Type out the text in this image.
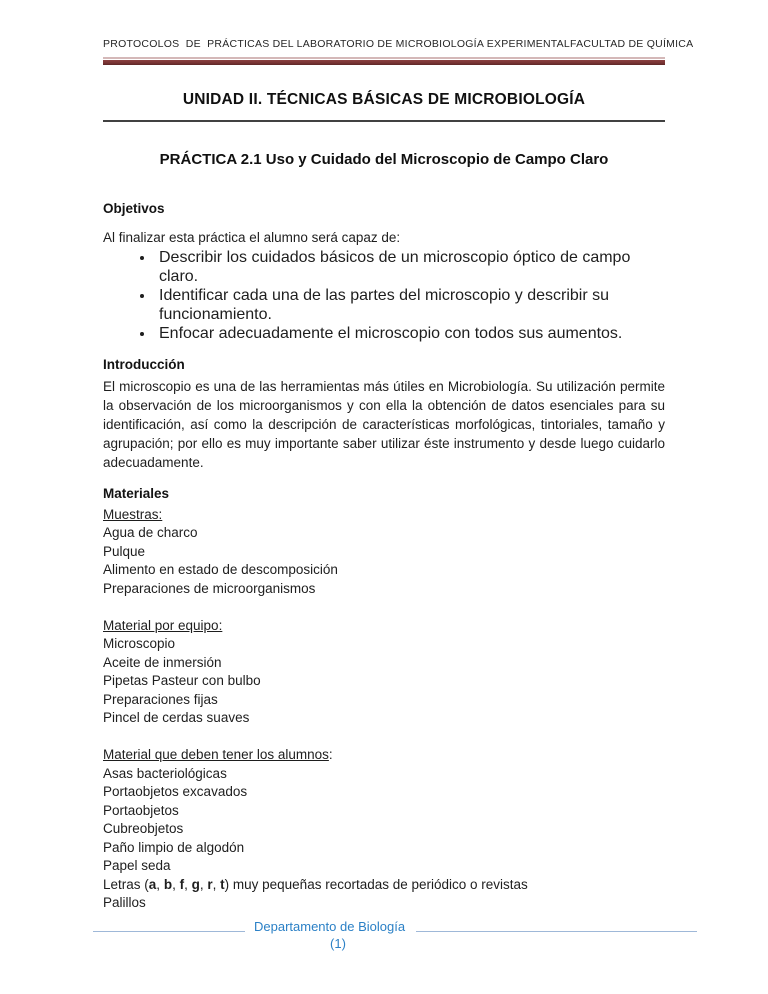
PROTOCOLOS  DE  PRÁCTICAS DEL LABORATORIO DE MICROBIOLOGÍA EXPERIMENTAL FACULTAD DE QUÍMICA
UNIDAD II. TÉCNICAS BÁSICAS DE MICROBIOLOGÍA
PRÁCTICA 2.1 Uso y Cuidado del Microscopio de Campo Claro
Objetivos

Al finalizar esta práctica el alumno será capaz de:

• Describir los cuidados básicos de un microscopio óptico de campo claro.
• Identificar cada una de las partes del microscopio y describir su funcionamiento.
• Enfocar adecuadamente el microscopio con todos sus aumentos.
Introducción

El microscopio es una de las herramientas más útiles en Microbiología. Su utilización permite la observación de los microorganismos y con ella la obtención de datos esenciales para su identificación, así como la descripción de características morfológicas, tintoriales, tamaño y agrupación; por ello es muy importante saber utilizar éste instrumento y desde luego cuidarlo adecuadamente.

Materiales
Muestras:
Agua de charco
Pulque
Alimento en estado de descomposición
Preparaciones de microorganismos
Material por equipo:
Microscopio
Aceite de inmersión
Pipetas Pasteur con bulbo
Preparaciones fijas
Pincel de cerdas suaves
Material que deben tener los alumnos:
Asas bacteriológicas
Portaobjetos excavados
Portaobjetos
Cubreobjetos
Paño limpio de algodón
Papel seda
Letras (a, b, f, g, r, t) muy pequeñas recortadas de periódico o revistas
Palillos
Departamento de Biología
(1)
